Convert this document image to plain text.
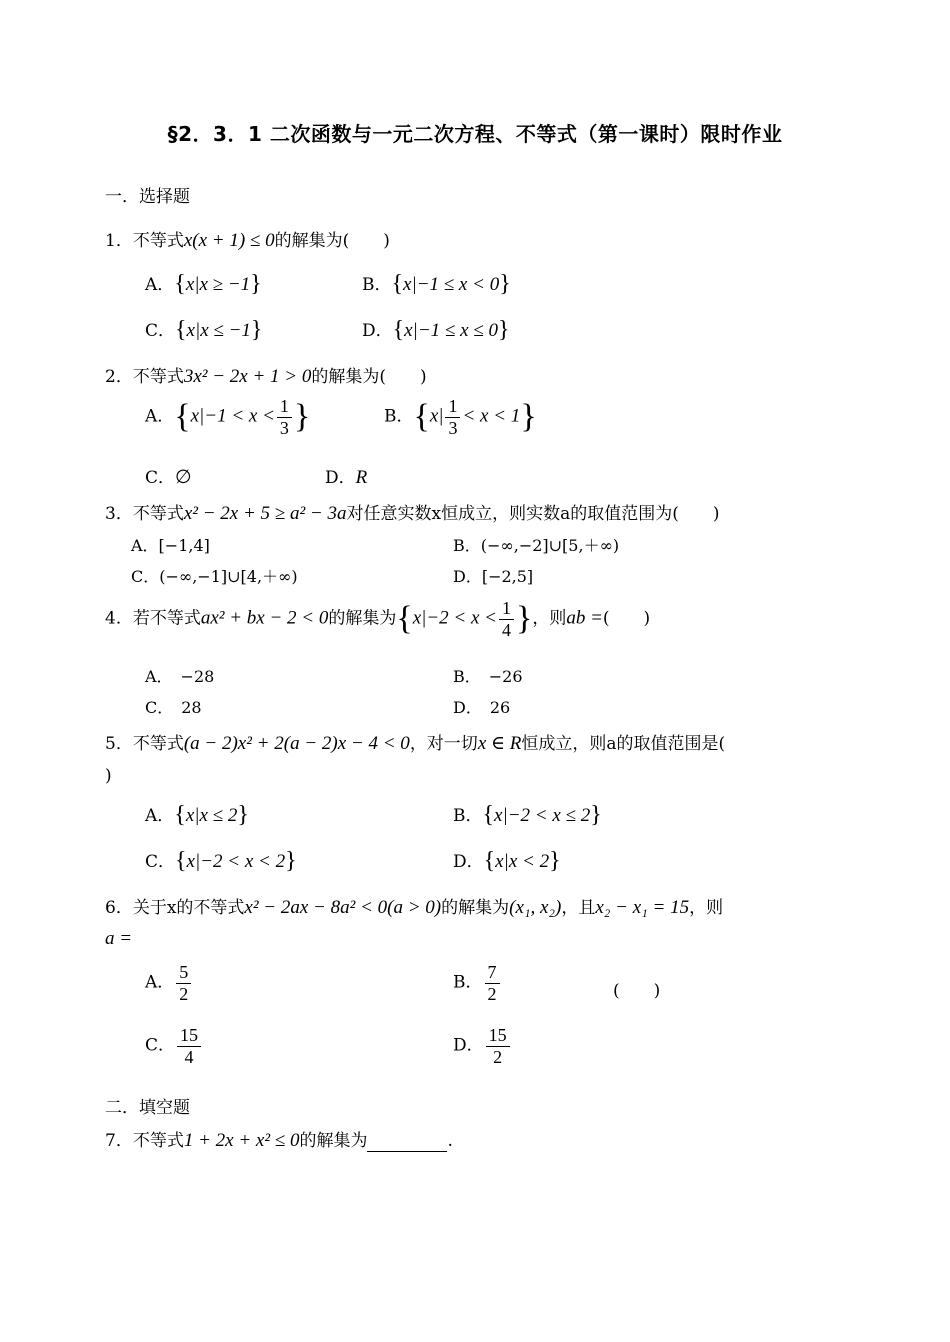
§2．3．1 二次函数与一元二次方程、不等式（第一课时）限时作业
一．选择题
1．不等式x(x + 1) ≤ 0的解集为(　　)
A．{x|x ≥ −1}	B．{x|−1 ≤ x < 0}
C．{x|x ≤ −1}	D．{x|−1 ≤ x ≤ 0}
2．不等式3x² − 2x + 1 > 0的解集为(　　)
A．{$x|-1 < x < \frac{1}{3}$ }	B．$\{x| \frac{1}{3} < x < 1\}$
C．∅	D．R
3．不等式x² − 2x + 5 ≥ a² − 3a对任意实数x恒成立，则实数a的取值范围为(　　)
A．[−1,4]	B．(−∞,−2]∪[5,＋∞)
C．(−∞,−1]∪[4,＋∞)	D．[−2,5]
4．若不等式ax² + bx − 2 < 0的解集为{$x|-2 < x < \frac{1}{4}$ }，则ab =(　　)
A．　−28	B．　−26
C．　28	D．　26
5．不等式(a − 2)x² + 2(a − 2)x − 4 < 0，对一切x ∈ R恒成立，则a的取值范围是(
)
A．{x|x ≤ 2}	B．{x|−2 < x ≤ 2}
C．{x|−2 < x < 2}	D．{x|x < 2}
6．关于x的不等式x² − 2ax − 8a² < 0(a > 0)的解集为(x₁, x₂)，且x₂ − x₁ = 15，则
a =
A． $\frac{5}{2}$	B． $\frac{7}{2}$	(　　)
C． $\frac{15}{4}$	D． $\frac{15}{2}$
二．填空题
7．不等式1 + 2x + x² ≤ 0的解集为	.
